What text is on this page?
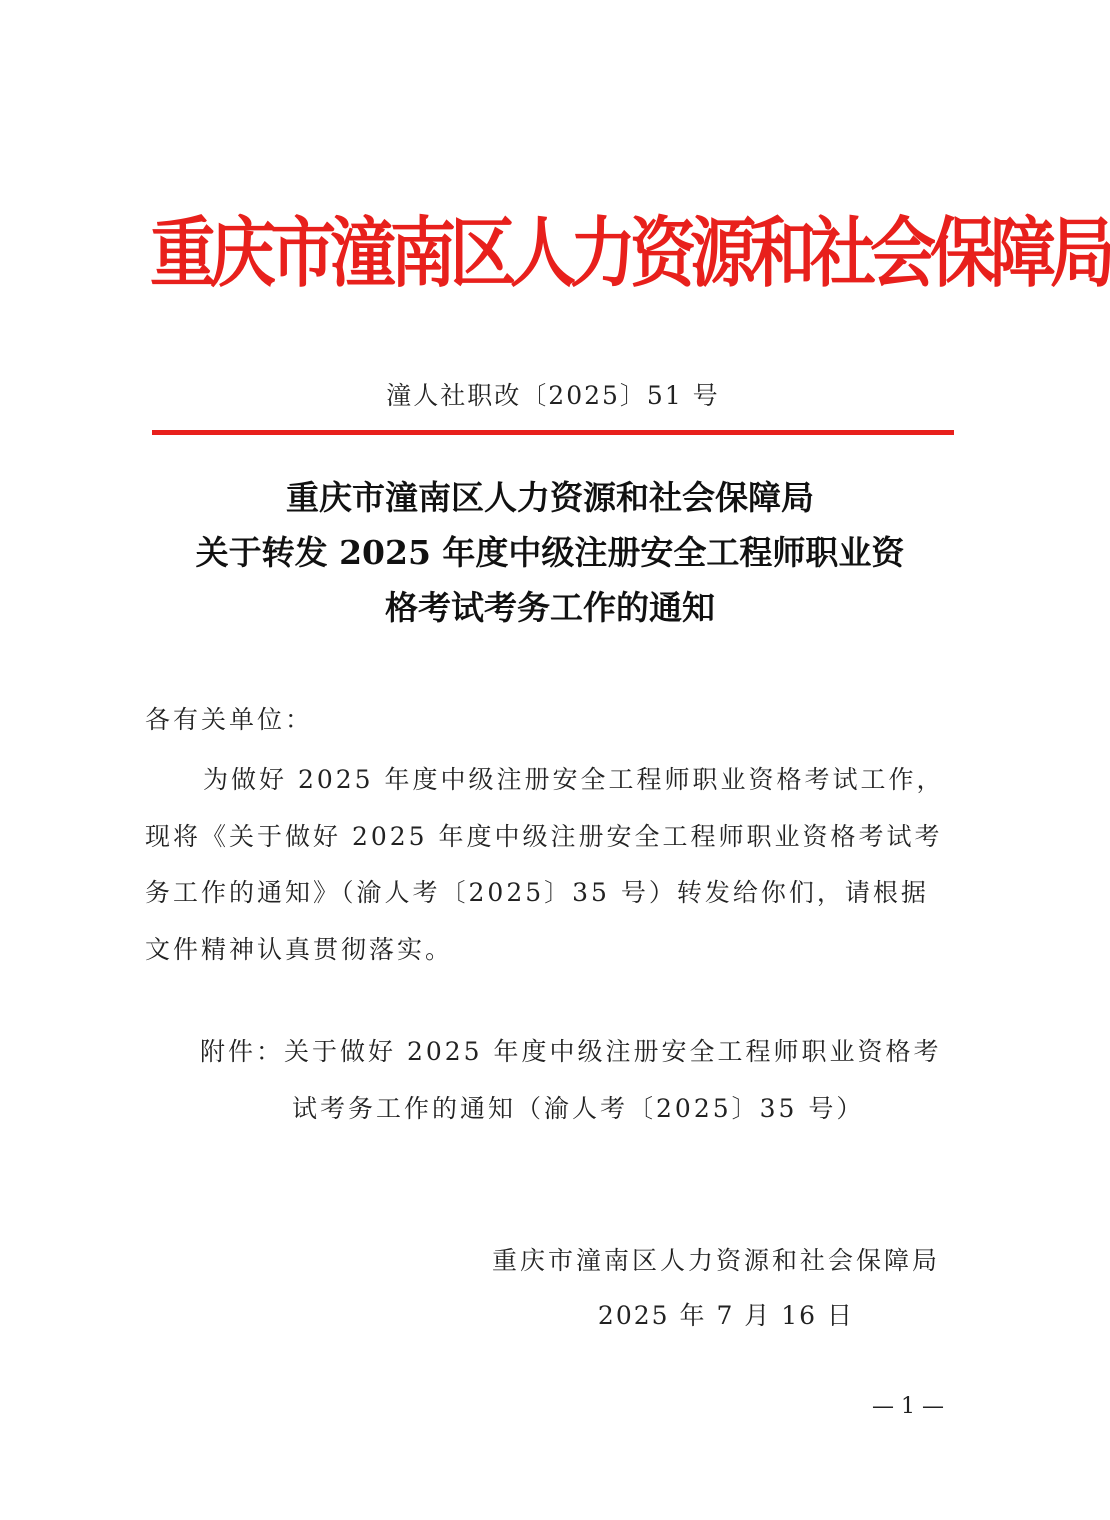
重庆市潼南区人力资源和社会保障局
潼人社职改〔2025〕51 号
重庆市潼南区人力资源和社会保障局
关于转发 2025 年度中级注册安全工程师职业资
格考试考务工作的通知
各有关单位：
为做好 2025 年度中级注册安全工程师职业资格考试工作，
现将《关于做好 2025 年度中级注册安全工程师职业资格考试考
务工作的通知》（渝人考〔2025〕35 号）转发给你们，请根据
文件精神认真贯彻落实。
附件：关于做好 2025 年度中级注册安全工程师职业资格考
试考务工作的通知（渝人考〔2025〕35 号）
重庆市潼南区人力资源和社会保障局
2025 年 7 月 16 日
— 1 —
